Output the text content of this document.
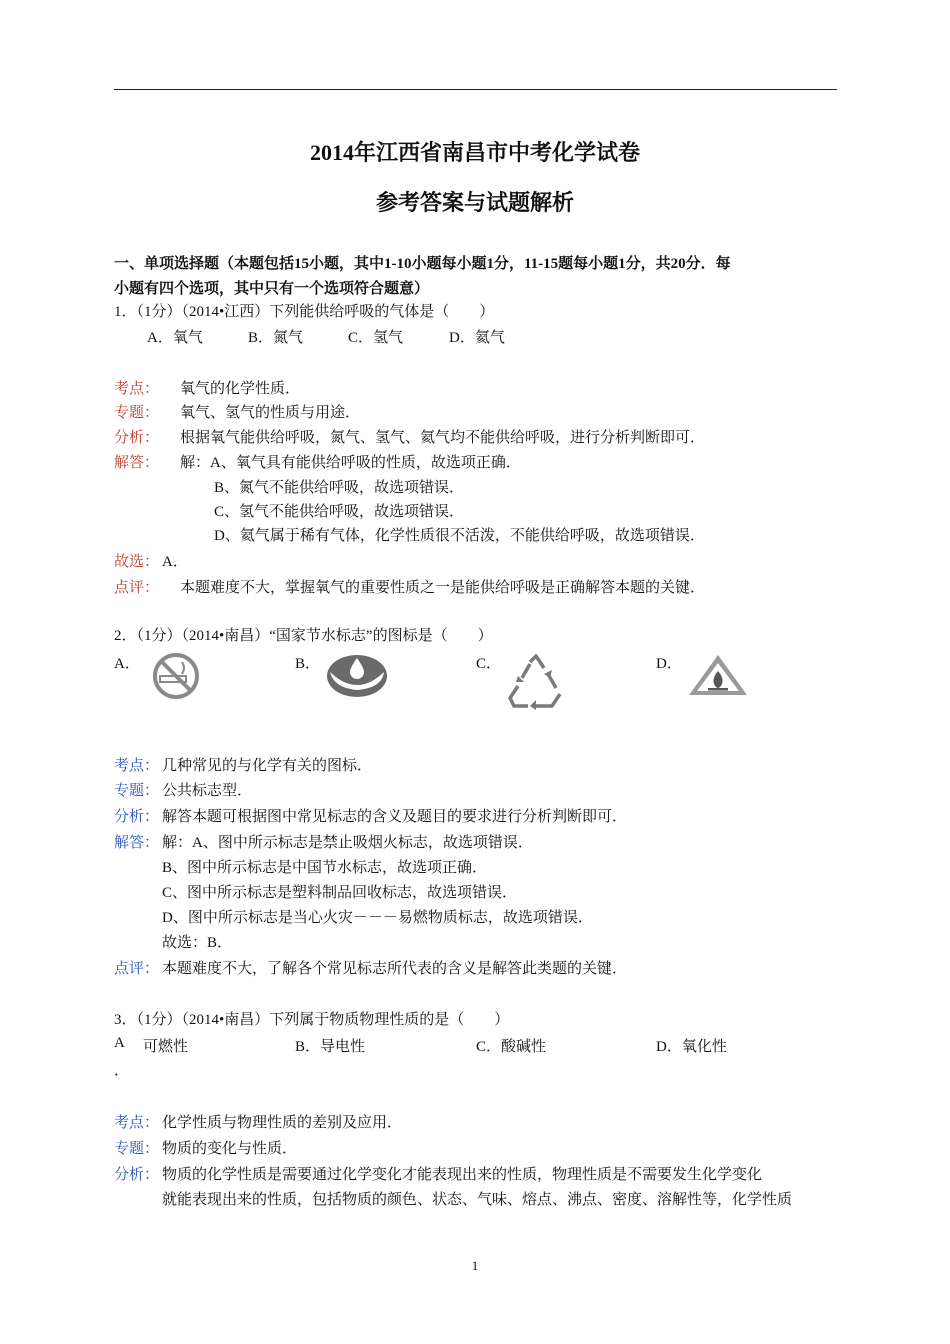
2014年江西省南昌市中考化学试卷
参考答案与试题解析
一、单项选择题（本题包括15小题，其中1-10小题每小题1分，11-15题每小题1分，共20分．每
小题有四个选项，其中只有一个选项符合题意）
1．（1分）（2014•江西）下列能供给呼吸的气体是（　　）
A．氧气	B．氮气	C．氢气	D．氦气
考点： 氧气的化学性质．
专题： 氧气、氢气的性质与用途．
分析： 根据氧气能供给呼吸，氮气、氢气、氦气均不能供给呼吸，进行分析判断即可．
解答： 解：A、氧气具有能供给呼吸的性质，故选项正确．
B、氮气不能供给呼吸，故选项错误．
C、氢气不能供给呼吸，故选项错误．
D、氦气属于稀有气体，化学性质很不活泼，不能供给呼吸，故选项错误．
故选： A．
点评： 本题难度不大，掌握氧气的重要性质之一是能供给呼吸是正确解答本题的关键．
2．（1分）（2014•南昌）“国家节水标志”的图标是（　　）
A．	B．	C．	D．
考点： 几种常见的与化学有关的图标．
专题： 公共标志型．
分析： 解答本题可根据图中常见标志的含义及题目的要求进行分析判断即可．
解答： 解：A、图中所示标志是禁止吸烟火标志，故选项错误．
B、图中所示标志是中国节水标志，故选项正确．
C、图中所示标志是塑料制品回收标志，故选项错误．
D、图中所示标志是当心火灾－－－易燃物质标志，故选项错误．
故选：B．
点评： 本题难度不大，了解各个常见标志所代表的含义是解答此类题的关键．
3．（1分）（2014•南昌）下列属于物质物理性质的是（　　）
A 可燃性
．
B．导电性	C．酸碱性	D．氧化性
考点： 化学性质与物理性质的差别及应用．
专题： 物质的变化与性质．
分析： 物质的化学性质是需要通过化学变化才能表现出来的性质，物理性质是不需要发生化学变化
就能表现出来的性质，包括物质的颜色、状态、气味、熔点、沸点、密度、溶解性等，化学性质
1
